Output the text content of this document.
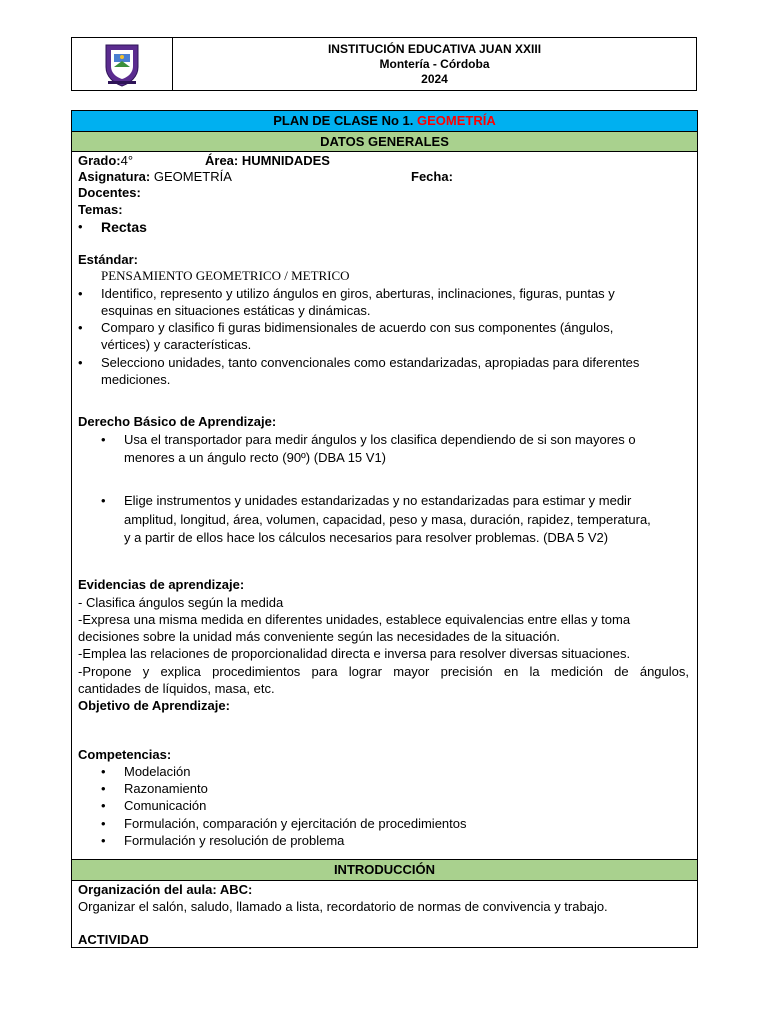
INSTITUCIÓN EDUCATIVA JUAN XXIII
Montería - Córdoba
2024
PLAN DE CLASE No 1. GEOMETRÍA
DATOS GENERALES
Grado:4°	Área: HUMNIDADES
Asignatura: GEOMETRÍA	Fecha:
Docentes:
Temas:
• Rectas
Estándar:
PENSAMIENTO GEOMETRICO / METRICO
• Identifico, represento y utilizo ángulos en giros, aberturas, inclinaciones, figuras, puntas y
esquinas en situaciones estáticas y dinámicas.
• Comparo y clasifico fi guras bidimensionales de acuerdo con sus componentes (ángulos,
vértices) y características.
• Selecciono unidades, tanto convencionales como estandarizadas, apropiadas para diferentes
mediciones.
Derecho Básico de Aprendizaje:
• Usa el transportador para medir ángulos y los clasifica dependiendo de si son mayores o
menores a un ángulo recto (90º) (DBA 15 V1)
• Elige instrumentos y unidades estandarizadas y no estandarizadas para estimar y medir
amplitud, longitud, área, volumen, capacidad, peso y masa, duración, rapidez, temperatura,
y a partir de ellos hace los cálculos necesarios para resolver problemas. (DBA 5 V2)
Evidencias de aprendizaje:
- Clasifica ángulos según la medida
-Expresa una misma medida en diferentes unidades, establece equivalencias entre ellas y toma
decisiones sobre la unidad más conveniente según las necesidades de la situación.
-Emplea las relaciones de proporcionalidad directa e inversa para resolver diversas situaciones.
-Propone y explica procedimientos para lograr mayor precisión en la medición de ángulos,
cantidades de líquidos, masa, etc.
Objetivo de Aprendizaje:
Competencias:
• Modelación
• Razonamiento
• Comunicación
• Formulación, comparación y ejercitación de procedimientos
• Formulación y resolución de problema
INTRODUCCIÓN
Organización del aula: ABC:
Organizar el salón, saludo, llamado a lista, recordatorio de normas de convivencia y trabajo.
ACTIVIDAD
